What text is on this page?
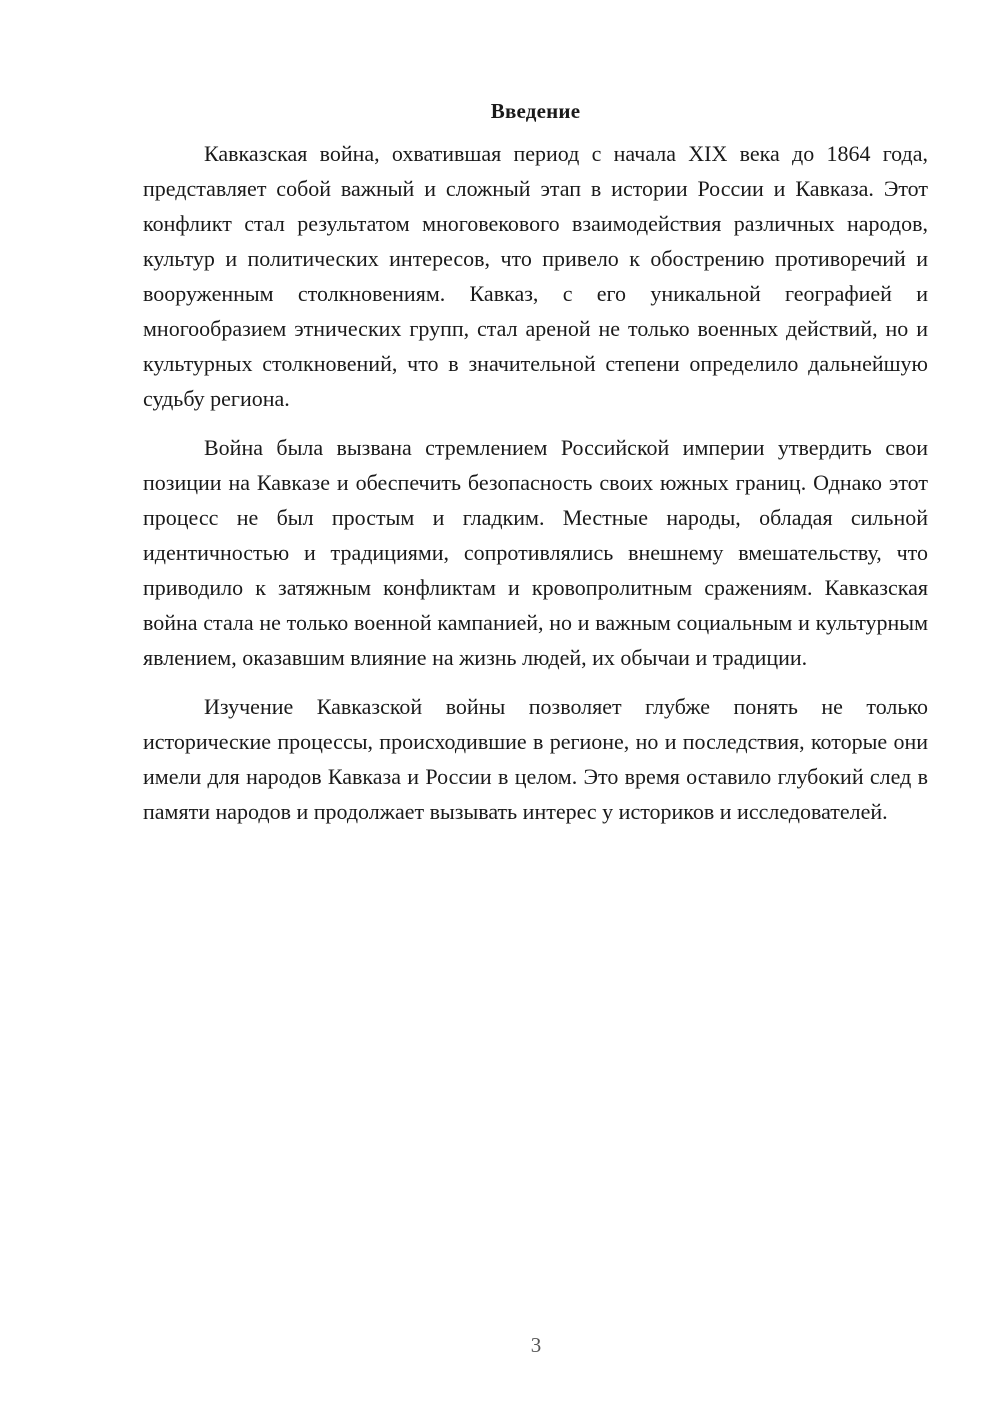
Введение

Кавказская война, охватившая период с начала XIX века до 1864 года, представляет собой важный и сложный этап в истории России и Кавказа. Этот конфликт стал результатом многовекового взаимодействия различных народов, культур и политических интересов, что привело к обострению противоречий и вооруженным столкновениям. Кавказ, с его уникальной географией и многообразием этнических групп, стал ареной не только военных действий, но и культурных столкновений, что в значительной степени определило дальнейшую судьбу региона.

Война была вызвана стремлением Российской империи утвердить свои позиции на Кавказе и обеспечить безопасность своих южных границ. Однако этот процесс не был простым и гладким. Местные народы, обладая сильной идентичностью и традициями, сопротивлялись внешнему вмешательству, что приводило к затяжным конфликтам и кровопролитным сражениям. Кавказская война стала не только военной кампанией, но и важным социальным и культурным явлением, оказавшим влияние на жизнь людей, их обычаи и традиции.

Изучение Кавказской войны позволяет глубже понять не только исторические процессы, происходившие в регионе, но и последствия, которые они имели для народов Кавказа и России в целом. Это время оставило глубокий след в памяти народов и продолжает вызывать интерес у историков и исследователей.

3
